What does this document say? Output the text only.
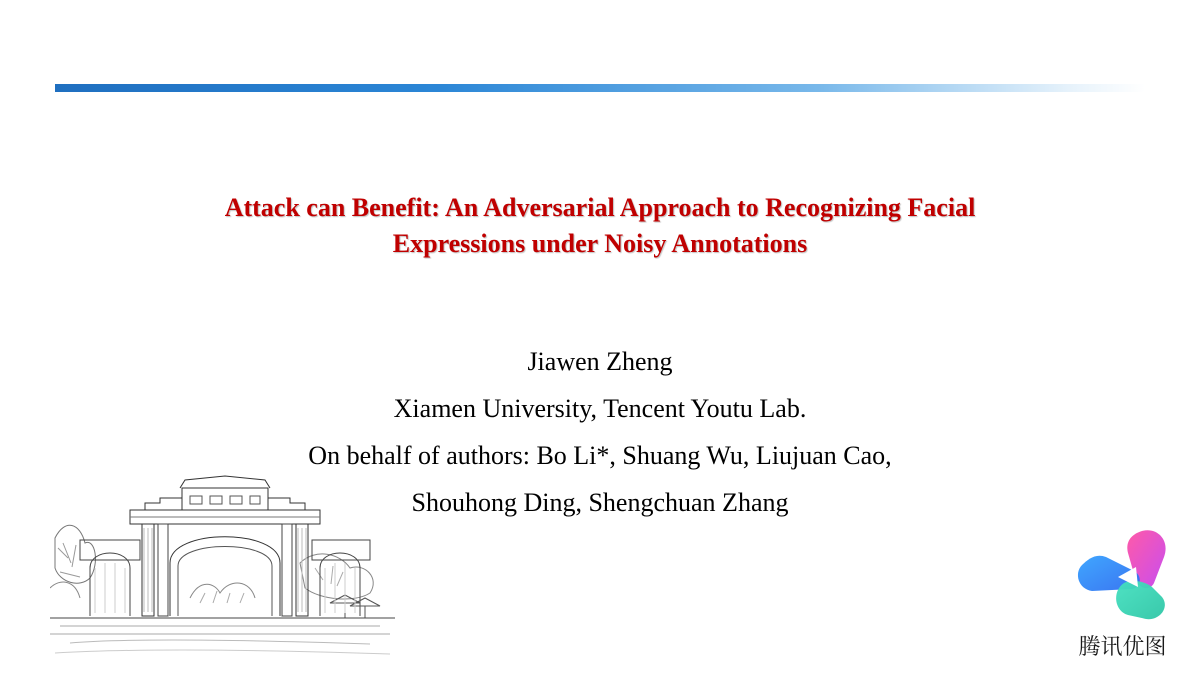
Attack can Benefit: An Adversarial Approach to Recognizing Facial
Expressions under Noisy Annotations
Jiawen Zheng
Xiamen University, Tencent Youtu Lab.
On behalf of authors: Bo Li*, Shuang Wu, Liujuan Cao,
Shouhong Ding, Shengchuan Zhang
腾讯优图
